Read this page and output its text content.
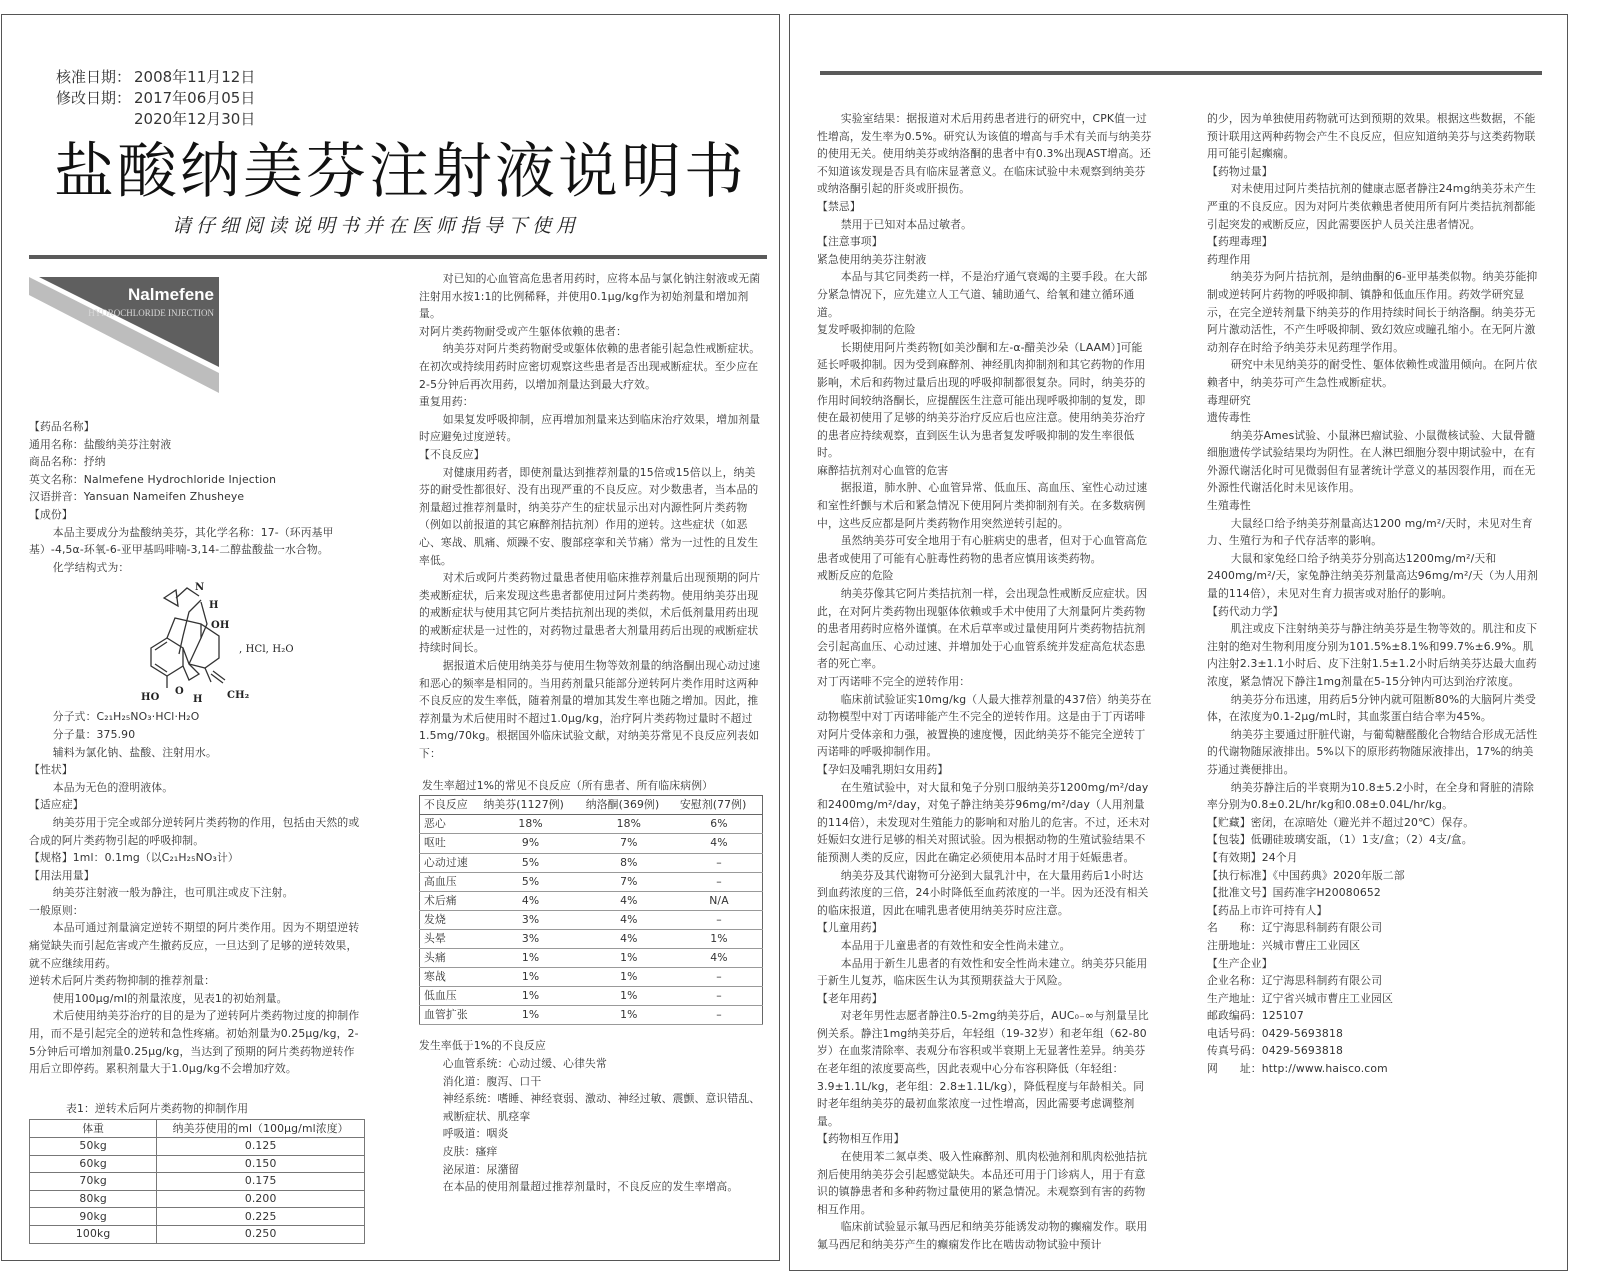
核准日期： 2008年11月12日
修改日期： 2017年06月05日
2020年12月30日
盐酸纳美芬注射液说明书
请仔细阅读说明书并在医师指导下使用
Nalmefene
HYDROCHLORIDE INJECTION
【药品名称】
通用名称：盐酸纳美芬注射液
商品名称：抒纳
英文名称：Nalmefene Hydrochloride Injection
汉语拼音：Yansuan Nameifen Zhusheye
【成份】
本品主要成分为盐酸纳美芬，其化学名称：17-（环丙基甲基）-4,5α-环氧-6-亚甲基吗啡喃-3,14-二醇盐酸盐一水合物。
化学结构式为：
N
H
OH
, HCl, H₂O
HO
O
H CH₂
分子式：C₂₁H₂₅NO₃·HCl·H₂O
分子量：375.90
辅料为氯化钠、盐酸、注射用水。
【性状】
本品为无色的澄明液体。
【适应症】
纳美芬用于完全或部分逆转阿片类药物的作用，包括由天然的或合成的阿片类药物引起的呼吸抑制。
【规格】1ml：0.1mg（以C₂₁H₂₅NO₃计）
【用法用量】
纳美芬注射液一般为静注，也可肌注或皮下注射。
一般原则：
本品可通过剂量滴定逆转不期望的阿片类作用。因为不期望逆转痛觉缺失而引起危害或产生撤药反应，一旦达到了足够的逆转效果，就不应继续用药。
逆转术后阿片类药物抑制的推荐剂量：
使用100μg/ml的剂量浓度，见表1的初始剂量。
术后使用纳美芬治疗的目的是为了逆转阿片类药物过度的抑制作用，而不是引起完全的逆转和急性疼痛。初始剂量为0.25μg/kg，2-5分钟后可增加剂量0.25μg/kg，当达到了预期的阿片类药物逆转作用后立即停药。累积剂量大于1.0μg/kg不会增加疗效。
表1：逆转术后阿片类药物的抑制作用
体重	纳美芬使用的ml（100μg/ml浓度）
50kg	0.125
60kg	0.150
70kg	0.175
80kg	0.200
90kg	0.225
100kg	0.250
对已知的心血管高危患者用药时，应将本品与氯化钠注射液或无菌注射用水按1:1的比例稀释，并使用0.1μg/kg作为初始剂量和增加剂量。
对阿片类药物耐受或产生躯体依赖的患者：
纳美芬对阿片类药物耐受或躯体依赖的患者能引起急性戒断症状。在初次或持续用药时应密切观察这些患者是否出现戒断症状。至少应在2-5分钟后再次用药，以增加剂量达到最大疗效。
重复用药：
如果复发呼吸抑制，应再增加剂量来达到临床治疗效果，增加剂量时应避免过度逆转。
【不良反应】
对健康用药者，即使剂量达到推荐剂量的15倍或15倍以上，纳美芬的耐受性都很好、没有出现严重的不良反应。对少数患者，当本品的剂量超过推荐剂量时，纳美芬产生的症状显示出对内源性阿片类药物（例如以前报道的其它麻醉剂拮抗剂）作用的逆转。这些症状（如恶心、寒战、肌痛、烦躁不安、腹部痉挛和关节痛）常为一过性的且发生率低。
对术后或阿片类药物过量患者使用临床推荐剂量后出现预期的阿片类戒断症状，后来发现这些患者都使用过阿片类药物。使用纳美芬出现的戒断症状与使用其它阿片类拮抗剂出现的类似，术后低剂量用药出现的戒断症状是一过性的，对药物过量患者大剂量用药后出现的戒断症状持续时间长。
据报道术后使用纳美芬与使用生物等效剂量的纳洛酮出现心动过速和恶心的频率是相同的。当用药剂量只能部分逆转阿片类作用时这两种不良反应的发生率低，随着剂量的增加其发生率也随之增加。因此，推荐剂量为术后使用时不超过1.0μg/kg，治疗阿片类药物过量时不超过1.5mg/70kg。根据国外临床试验文献，对纳美芬常见不良反应列表如下：
发生率超过1%的常见不良反应（所有患者、所有临床病例）
不良反应	纳美芬(1127例)	纳洛酮(369例)	安慰剂(77例)
恶心	18%	18%	6%
呕吐	9%	7%	4%
心动过速	5%	8%	–
高血压	5%	7%	–
术后痛	4%	4%	N/A
发烧	3%	4%	–
头晕	3%	4%	1%
头痛	1%	1%	4%
寒战	1%	1%	–
低血压	1%	1%	–
血管扩张	1%	1%	–
发生率低于1%的不良反应
心血管系统：心动过缓、心律失常
消化道：腹泻、口干
神经系统：嗜睡、神经衰弱、激动、神经过敏、震颤、意识错乱、戒断症状、肌痉挛
呼吸道：咽炎
皮肤：瘙痒
泌尿道：尿潴留
在本品的使用剂量超过推荐剂量时，不良反应的发生率增高。
实验室结果：据报道对术后用药患者进行的研究中，CPK值一过性增高，发生率为0.5%。研究认为该值的增高与手术有关而与纳美芬的使用无关。使用纳美芬或纳洛酮的患者中有0.3%出现AST增高。还不知道该发现是否具有临床显著意义。在临床试验中未观察到纳美芬或纳洛酮引起的肝炎或肝损伤。
【禁忌】
禁用于已知对本品过敏者。
【注意事项】
紧急使用纳美芬注射液
本品与其它同类药一样，不是治疗通气衰竭的主要手段。在大部分紧急情况下，应先建立人工气道、辅助通气、给氧和建立循环通道。
复发呼吸抑制的危险
长期使用阿片类药物[如美沙酮和左-α-醋美沙朵（LAAM）]可能延长呼吸抑制。因为受到麻醉剂、神经肌肉抑制剂和其它药物的作用影响，术后和药物过量后出现的呼吸抑制都很复杂。同时，纳美芬的作用时间较纳洛酮长，应提醒医生注意可能出现呼吸抑制的复发，即使在最初使用了足够的纳美芬治疗反应后也应注意。使用纳美芬治疗的患者应持续观察，直到医生认为患者复发呼吸抑制的发生率很低时。
麻醉拮抗剂对心血管的危害
据报道，肺水肿、心血管异常、低血压、高血压、室性心动过速和室性纤颤与术后和紧急情况下使用阿片类抑制剂有关。在多数病例中，这些反应都是阿片类药物作用突然逆转引起的。
虽然纳美芬可安全地用于有心脏病史的患者，但对于心血管高危患者或使用了可能有心脏毒性药物的患者应慎用该类药物。
戒断反应的危险
纳美芬像其它阿片类拮抗剂一样，会出现急性戒断反应症状。因此，在对阿片类药物出现躯体依赖或手术中使用了大剂量阿片类药物的患者用药时应格外谨慎。在术后草率或过量使用阿片类药物拮抗剂会引起高血压、心动过速、并增加处于心血管系统并发症高危状态患者的死亡率。
对丁丙诺啡不完全的逆转作用：
临床前试验证实10mg/kg（人最大推荐剂量的437倍）纳美芬在动物模型中对丁丙诺啡能产生不完全的逆转作用。这是由于丁丙诺啡对阿片受体亲和力强，被置换的速度慢，因此纳美芬不能完全逆转丁丙诺啡的呼吸抑制作用。
【孕妇及哺乳期妇女用药】
在生殖试验中，对大鼠和兔子分别口服纳美芬1200mg/m²/day和2400mg/m²/day，对兔子静注纳美芬96mg/m²/day（人用剂量的114倍），未发现对生殖能力的影响和对胎儿的危害。不过，还未对妊娠妇女进行足够的相关对照试验。因为根据动物的生殖试验结果不能预测人类的反应，因此在确定必须使用本品时才用于妊娠患者。
纳美芬及其代谢物可分泌到大鼠乳汁中，在大量用药后1小时达到血药浓度的三倍，24小时降低至血药浓度的一半。因为还没有相关的临床报道，因此在哺乳患者使用纳美芬时应注意。
【儿童用药】
本品用于儿童患者的有效性和安全性尚未建立。
本品用于新生儿患者的有效性和安全性尚未建立。纳美芬只能用于新生儿复苏，临床医生认为其预期获益大于风险。
【老年用药】
对老年男性志愿者静注0.5-2mg纳美芬后，AUC₀₋∞与剂量呈比例关系。静注1mg纳美芬后，年轻组（19-32岁）和老年组（62-80岁）在血浆清除率、表观分布容积或半衰期上无显著性差异。纳美芬在老年组的浓度要高些，因此表观中心分布容积降低（年轻组：3.9±1.1L/kg，老年组：2.8±1.1L/kg），降低程度与年龄相关。同时老年组纳美芬的最初血浆浓度一过性增高，因此需要考虑调整剂量。
【药物相互作用】
在使用苯二氮卓类、吸入性麻醉剂、肌肉松弛剂和肌肉松弛拮抗剂后使用纳美芬会引起感觉缺失。本品还可用于门诊病人，用于有意识的镇静患者和多种药物过量使用的紧急情况。未观察到有害的药物相互作用。
临床前试验显示氟马西尼和纳美芬能诱发动物的癫痫发作。联用氟马西尼和纳美芬产生的癫痫发作比在啮齿动物试验中预计
的少，因为单独使用药物就可达到预期的效果。根据这些数据，不能预计联用这两种药物会产生不良反应，但应知道纳美芬与这类药物联用可能引起癫痫。
【药物过量】
对未使用过阿片类拮抗剂的健康志愿者静注24mg纳美芬未产生严重的不良反应。因为对阿片类依赖患者使用所有阿片类拮抗剂都能引起突发的戒断反应，因此需要医护人员关注患者情况。
【药理毒理】
药理作用
纳美芬为阿片拮抗剂，是纳曲酮的6-亚甲基类似物。纳美芬能抑制或逆转阿片药物的呼吸抑制、镇静和低血压作用。药效学研究显示，在完全逆转剂量下纳美芬的作用持续时间长于纳洛酮。纳美芬无阿片激动活性，不产生呼吸抑制、致幻效应或瞳孔缩小。在无阿片激动剂存在时给予纳美芬未见药理学作用。
研究中未见纳美芬的耐受性、躯体依赖性或滥用倾向。在阿片依赖者中，纳美芬可产生急性戒断症状。
毒理研究
遗传毒性
纳美芬Ames试验、小鼠淋巴瘤试验、小鼠微核试验、大鼠骨髓细胞遗传学试验结果均为阴性。在人淋巴细胞分裂中期试验中，在有外源代谢活化时可见微弱但有显著统计学意义的基因裂作用，而在无外源性代谢活化时未见该作用。
生殖毒性
大鼠经口给予纳美芬剂量高达1200 mg/m²/天时，未见对生育力、生殖行为和子代存活率的影响。
大鼠和家兔经口给予纳美芬分别高达1200mg/m²/天和2400mg/m²/天，家兔静注纳美芬剂量高达96mg/m²/天（为人用剂量的114倍），未见对生育力损害或对胎仔的影响。
【药代动力学】
肌注或皮下注射纳美芬与静注纳美芬是生物等效的。肌注和皮下注射的绝对生物利用度分别为101.5%±8.1%和99.7%±6.9%。肌内注射2.3±1.1小时后、皮下注射1.5±1.2小时后纳美芬达最大血药浓度，紧急情况下静注1mg剂量在5-15分钟内可达到治疗浓度。
纳美芬分布迅速，用药后5分钟内就可阻断80%的大脑阿片类受体，在浓度为0.1-2μg/mL时，其血浆蛋白结合率为45%。
纳美芬主要通过肝脏代谢，与葡萄糖醛酸化合物结合形成无活性的代谢物随尿液排出。5%以下的原形药物随尿液排出，17%的纳美芬通过粪便排出。
纳美芬静注后的半衰期为10.8±5.2小时，在全身和肾脏的清除率分别为0.8±0.2L/hr/kg和0.08±0.04L/hr/kg。
【贮藏】密闭，在凉暗处（避光并不超过20℃）保存。
【包装】低硼硅玻璃安瓿，（1）1支/盒；（2）4支/盒。
【有效期】24个月
【执行标准】《中国药典》2020年版二部
【批准文号】国药准字H20080652
【药品上市许可持有人】
名　　称：辽宁海思科制药有限公司
注册地址：兴城市曹庄工业园区
【生产企业】
企业名称：辽宁海思科制药有限公司
生产地址：辽宁省兴城市曹庄工业园区
邮政编码：125107
电话号码：0429-5693818
传真号码：0429-5693818
网　　址：http://www.haisco.com
